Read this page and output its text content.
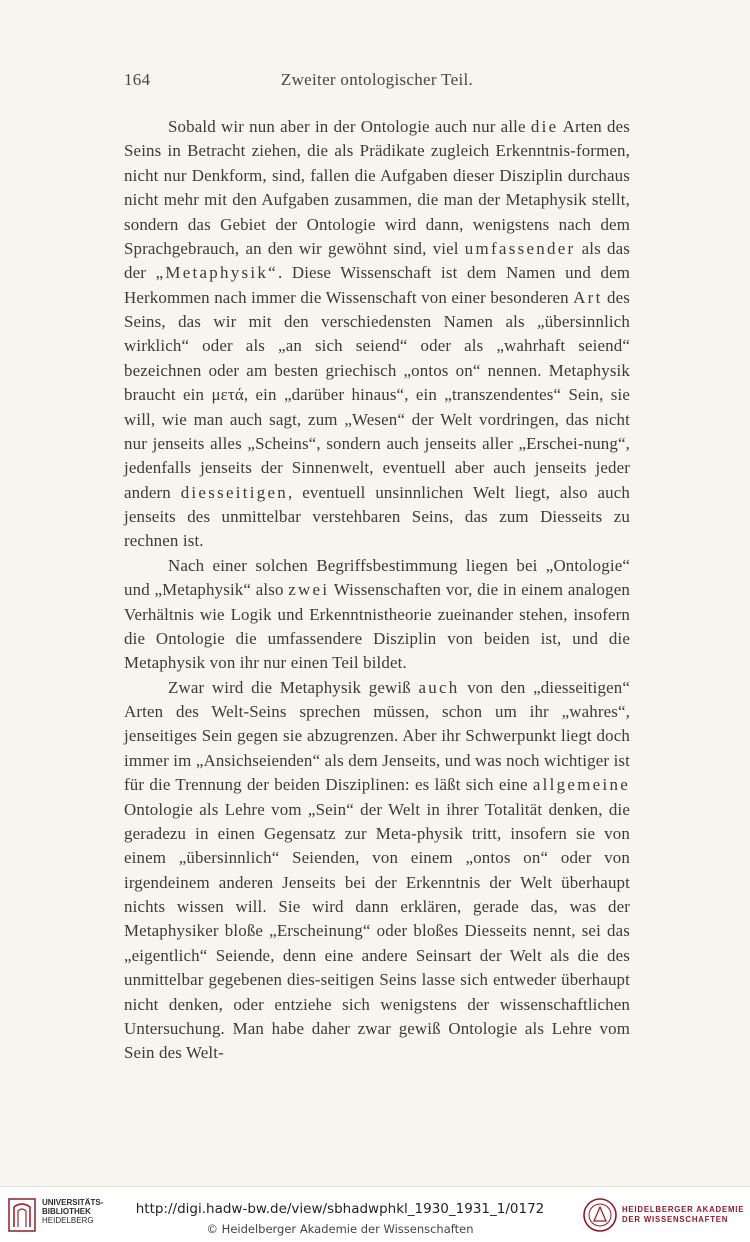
164	Zweiter ontologischer Teil.

Sobald wir nun aber in der Ontologie auch nur alle die Arten des Seins in Betracht ziehen, die als Prädikate zugleich Erkenntnis-formen, nicht nur Denkform, sind, fallen die Aufgaben dieser Disziplin durchaus nicht mehr mit den Aufgaben zusammen, die man der Metaphysik stellt, sondern das Gebiet der Ontologie wird dann, wenigstens nach dem Sprachgebrauch, an den wir gewöhnt sind, viel umfassender als das der „Metaphysik“. Diese Wissenschaft ist dem Namen und dem Herkommen nach immer die Wissenschaft von einer besonderen Art des Seins, das wir mit den verschiedensten Namen als „übersinnlich wirklich“ oder als „an sich seiend“ oder als „wahrhaft seiend“ bezeichnen oder am besten griechisch „ontos on“ nennen. Metaphysik braucht ein μετά, ein „darüber hinaus“, ein „transzendentes“ Sein, sie will, wie man auch sagt, zum „Wesen“ der Welt vordringen, das nicht nur jenseits alles „Scheins“, sondern auch jenseits aller „Erschei-nung“, jedenfalls jenseits der Sinnenwelt, eventuell aber auch jenseits jeder andern diesseitigen, eventuell unsinnlichen Welt liegt, also auch jenseits des unmittelbar verstehbaren Seins, das zum Diesseits zu rechnen ist.

Nach einer solchen Begriffsbestimmung liegen bei „Ontologie“ und „Metaphysik“ also zwei Wissenschaften vor, die in einem analogen Verhältnis wie Logik und Erkenntnistheorie zueinander stehen, insofern die Ontologie die umfassendere Disziplin von beiden ist, und die Metaphysik von ihr nur einen Teil bildet.

Zwar wird die Metaphysik gewiß auch von den „diesseitigen“ Arten des Welt-Seins sprechen müssen, schon um ihr „wahres“, jenseitiges Sein gegen sie abzugrenzen. Aber ihr Schwerpunkt liegt doch immer im „Ansichseienden“ als dem Jenseits, und was noch wichtiger ist für die Trennung der beiden Disziplinen: es läßt sich eine allgemeine Ontologie als Lehre vom „Sein“ der Welt in ihrer Totalität denken, die geradezu in einen Gegensatz zur Meta-physik tritt, insofern sie von einem „übersinnlich“ Seienden, von einem „ontos on“ oder von irgendeinem anderen Jenseits bei der Erkenntnis der Welt überhaupt nichts wissen will. Sie wird dann erklären, gerade das, was der Metaphysiker bloße „Erscheinung“ oder bloßes Diesseits nennt, sei das „eigentlich“ Seiende, denn eine andere Seinsart der Welt als die des unmittelbar gegebenen dies-seitigen Seins lasse sich entweder überhaupt nicht denken, oder entziehe sich wenigstens der wissenschaftlichen Untersuchung. Man habe daher zwar gewiß Ontologie als Lehre vom Sein des Welt-

UNIVERSITÄTS-
BIBLIOTHEK
HEIDELBERG
http://digi.hadw-bw.de/view/sbhadwphkl_1930_1931_1/0172
© Heidelberger Akademie der Wissenschaften
HEIDELBERGER AKADEMIE
DER WISSENSCHAFTEN
